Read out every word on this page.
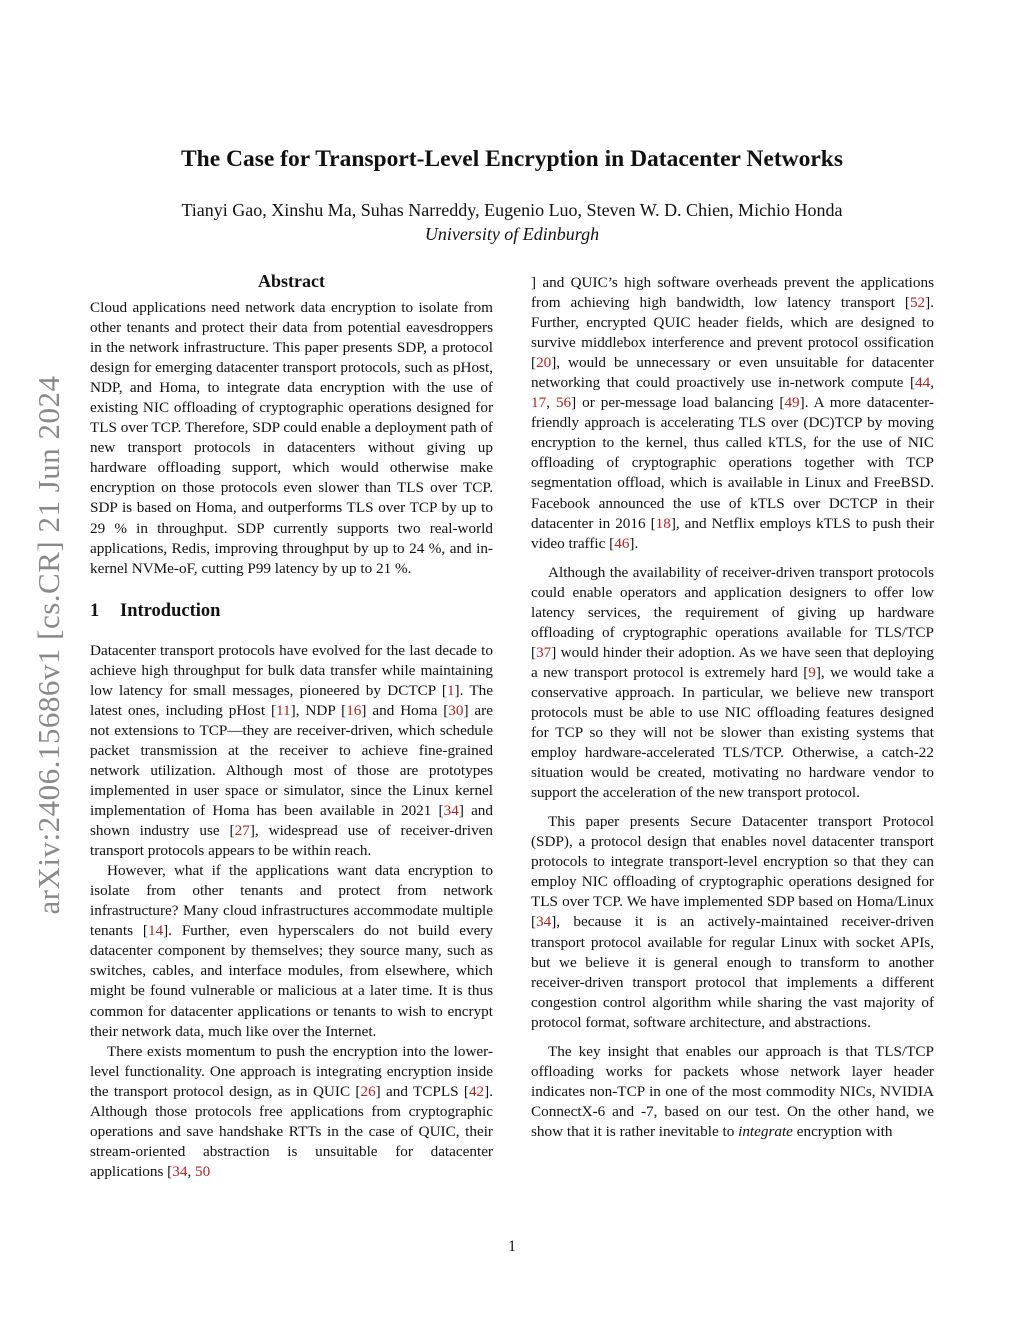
arXiv:2406.15686v1 [cs.CR] 21 Jun 2024
The Case for Transport-Level Encryption in Datacenter Networks
Tianyi Gao, Xinshu Ma, Suhas Narreddy, Eugenio Luo, Steven W. D. Chien, Michio Honda
University of Edinburgh
Abstract

Cloud applications need network data encryption to isolate from other tenants and protect their data from potential eavesdroppers in the network infrastructure. This paper presents SDP, a protocol design for emerging datacenter transport protocols, such as pHost, NDP, and Homa, to integrate data encryption with the use of existing NIC offloading of cryptographic operations designed for TLS over TCP. Therefore, SDP could enable a deployment path of new transport protocols in datacenters without giving up hardware offloading support, which would otherwise make encryption on those protocols even slower than TLS over TCP. SDP is based on Homa, and outperforms TLS over TCP by up to 29 % in throughput. SDP currently supports two real-world applications, Redis, improving throughput by up to 24 %, and in-kernel NVMe-oF, cutting P99 latency by up to 21 %.

1 Introduction

Datacenter transport protocols have evolved for the last decade to achieve high throughput for bulk data transfer while maintaining low latency for small messages, pioneered by DCTCP [1]. The latest ones, including pHost [11], NDP [16] and Homa [30] are not extensions to TCP—they are receiver-driven, which schedule packet transmission at the receiver to achieve fine-grained network utilization. Although most of those are prototypes implemented in user space or simulator, since the Linux kernel implementation of Homa has been available in 2021 [34] and shown industry use [27], widespread use of receiver-driven transport protocols appears to be within reach.

However, what if the applications want data encryption to isolate from other tenants and protect from network infrastructure? Many cloud infrastructures accommodate multiple tenants [14]. Further, even hyperscalers do not build every datacenter component by themselves; they source many, such as switches, cables, and interface modules, from elsewhere, which might be found vulnerable or malicious at a later time. It is thus common for datacenter applications or tenants to wish to encrypt their network data, much like over the Internet.

There exists momentum to push the encryption into the lower-level functionality. One approach is integrating encryption inside the transport protocol design, as in QUIC [26] and TCPLS [42]. Although those protocols free applications from cryptographic operations and save handshake RTTs in the case of QUIC, their stream-oriented abstraction is unsuitable for datacenter applications [34, 50

] and QUIC’s high software overheads prevent the applications from achieving high bandwidth, low latency transport [52]. Further, encrypted QUIC header fields, which are designed to survive middlebox interference and prevent protocol ossification [20], would be unnecessary or even unsuitable for datacenter networking that could proactively use in-network compute [44, 17, 56] or per-message load balancing [49]. A more datacenter-friendly approach is accelerating TLS over (DC)TCP by moving encryption to the kernel, thus called kTLS, for the use of NIC offloading of cryptographic operations together with TCP segmentation offload, which is available in Linux and FreeBSD. Facebook announced the use of kTLS over DCTCP in their datacenter in 2016 [18], and Netflix employs kTLS to push their video traffic [46].

Although the availability of receiver-driven transport protocols could enable operators and application designers to offer low latency services, the requirement of giving up hardware offloading of cryptographic operations available for TLS/TCP [37] would hinder their adoption. As we have seen that deploying a new transport protocol is extremely hard [9], we would take a conservative approach. In particular, we believe new transport protocols must be able to use NIC offloading features designed for TCP so they will not be slower than existing systems that employ hardware-accelerated TLS/TCP. Otherwise, a catch-22 situation would be created, motivating no hardware vendor to support the acceleration of the new transport protocol.

This paper presents Secure Datacenter transport Protocol (SDP), a protocol design that enables novel datacenter transport protocols to integrate transport-level encryption so that they can employ NIC offloading of cryptographic operations designed for TLS over TCP. We have implemented SDP based on Homa/Linux [34], because it is an actively-maintained receiver-driven transport protocol available for regular Linux with socket APIs, but we believe it is general enough to transform to another receiver-driven transport protocol that implements a different congestion control algorithm while sharing the vast majority of protocol format, software architecture, and abstractions.

The key insight that enables our approach is that TLS/TCP offloading works for packets whose network layer header indicates non-TCP in one of the most commodity NICs, NVIDIA ConnectX-6 and -7, based on our test. On the other hand, we show that it is rather inevitable to integrate encryption with

1
